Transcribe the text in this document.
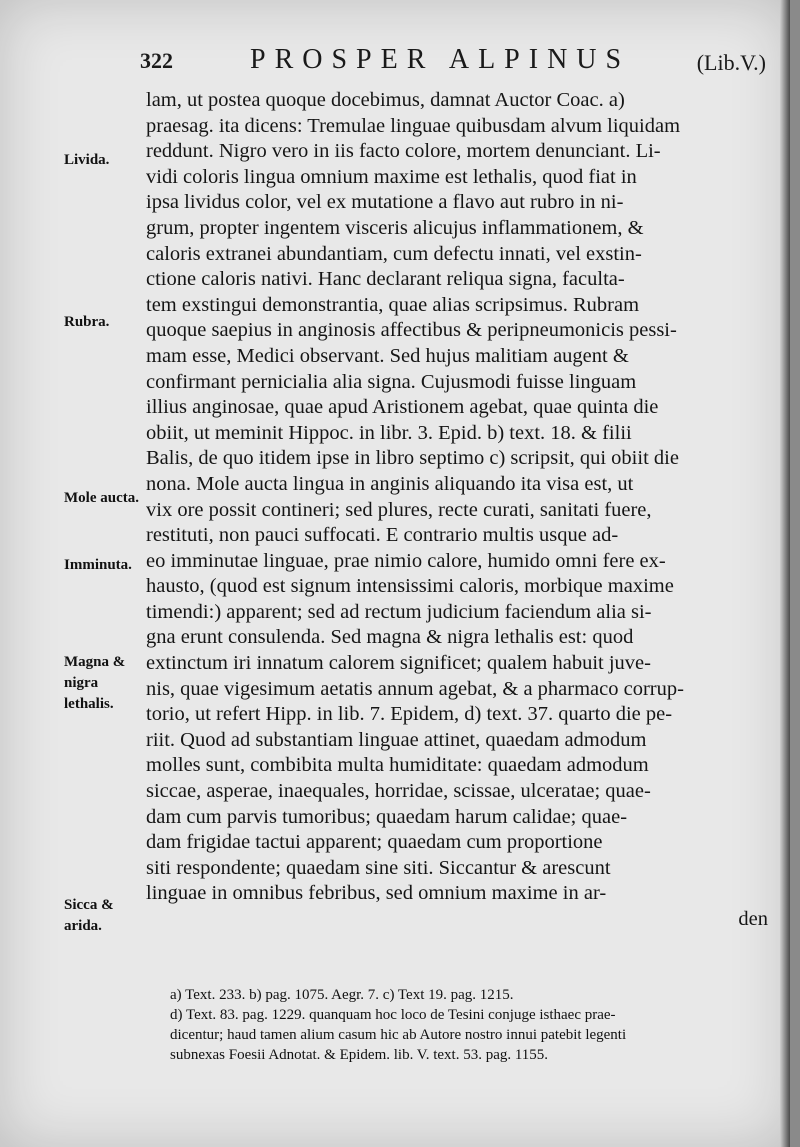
322	PROSPER ALPINUS	(Lib.V.)
Livida.
Rubra.
Mole aucta.
Imminuta.
Magna & nigra lethalis.
Sicca & arida.
lam, ut postea quoque docebimus, damnat Auctor Coac. a)
praesag. ita dicens: Tremulae linguae quibusdam alvum liquidam
reddunt. Nigro vero in iis facto colore, mortem denunciant. Li-
vidi coloris lingua omnium maxime est lethalis, quod fiat in
ipsa lividus color, vel ex mutatione a flavo aut rubro in ni-
grum, propter ingentem visceris alicujus inflammationem, &
caloris extranei abundantiam, cum defectu innati, vel exstin-
ctione caloris nativi. Hanc declarant reliqua signa, faculta-
tem exstingui demonstrantia, quae alias scripsimus. Rubram
quoque saepius in anginosis affectibus & peripneumonicis pessi-
mam esse, Medici observant. Sed hujus malitiam augent &
confirmant pernicialia alia signa. Cujusmodi fuisse linguam
illius anginosae, quae apud Aristionem agebat, quae quinta die
obiit, ut meminit Hippoc. in libr. 3. Epid. b) text. 18. & filii
Balis, de quo itidem ipse in libro septimo c) scripsit, qui obiit die
nona. Mole aucta lingua in anginis aliquando ita visa est, ut
vix ore possit contineri; sed plures, recte curati, sanitati fuere,
restituti, non pauci suffocati. E contrario multis usque ad-
eo imminutae linguae, prae nimio calore, humido omni fere ex-
hausto, (quod est signum intensissimi caloris, morbique maxime
timendi:) apparent; sed ad rectum judicium faciendum alia si-
gna erunt consulenda. Sed magna & nigra lethalis est: quod
extinctum iri innatum calorem significet; qualem habuit juve-
nis, quae vigesimum aetatis annum agebat, & a pharmaco corrup-
torio, ut refert Hipp. in lib. 7. Epidem, d) text. 37. quarto die pe-
riit. Quod ad substantiam linguae attinet, quaedam admodum
molles sunt, combibita multa humiditate: quaedam admodum
siccae, asperae, inaequales, horridae, scissae, ulceratae; quae-
dam cum parvis tumoribus; quaedam harum calidae; quae-
dam frigidae tactui apparent; quaedam cum proportione
siti respondente; quaedam sine siti. Siccantur & arescunt
linguae in omnibus febribus, sed omnium maxime in ar-
den
a) Text. 233. b) pag. 1075. Aegr. 7. c) Text 19. pag. 1215.
d) Text. 83. pag. 1229. quanquam hoc loco de Tesini conjuge isthaec prae-
dicentur; haud tamen alium casum hic ab Autore nostro innui patebit legenti
subnexas Foesii Adnotat. & Epidem. lib. V. text. 53. pag. 1155.
